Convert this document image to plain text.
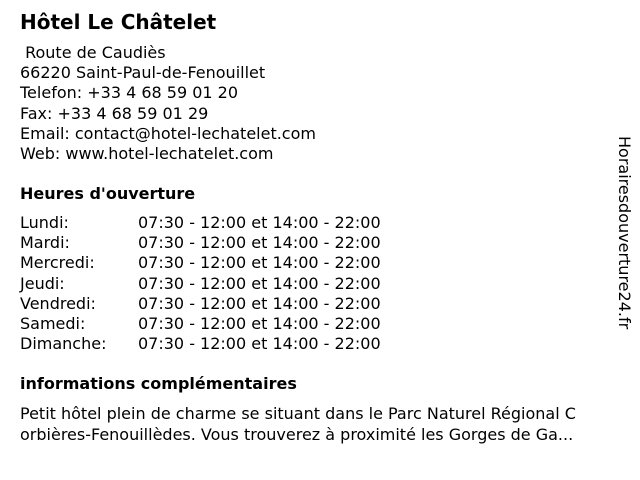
Hôtel Le Châtelet
Route de Caudiès
66220 Saint-Paul-de-Fenouillet
Telefon: +33 4 68 59 01 20
Fax: +33 4 68 59 01 29
Email: contact@hotel-lechatelet.com
Web: www.hotel-lechatelet.com
Heures d'ouverture
Lundi:	07:30 - 12:00 et 14:00 - 22:00
Mardi:	07:30 - 12:00 et 14:00 - 22:00
Mercredi:	07:30 - 12:00 et 14:00 - 22:00
Jeudi:	07:30 - 12:00 et 14:00 - 22:00
Vendredi:	07:30 - 12:00 et 14:00 - 22:00
Samedi:	07:30 - 12:00 et 14:00 - 22:00
Dimanche: 07:30 - 12:00 et 14:00 - 22:00
informations complémentaires
Petit hôtel plein de charme se situant dans le Parc Naturel Régional C
orbières-Fenouillèdes. Vous trouverez à proximité les Gorges de Ga...
Horairesdouverture24.fr
